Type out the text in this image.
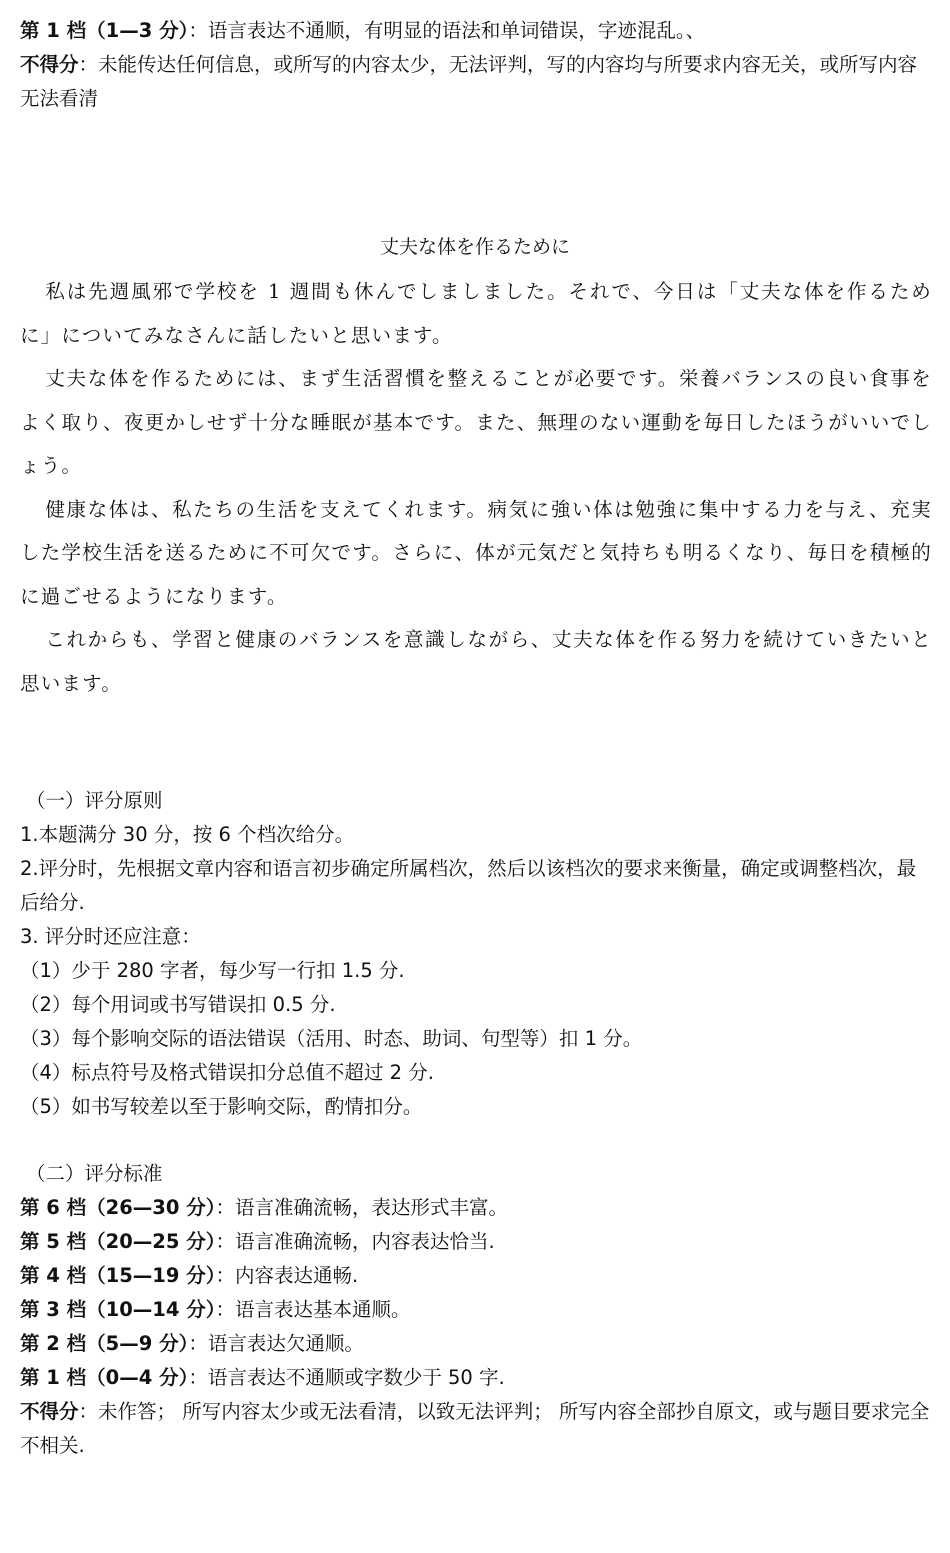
第 1 档（1—3 分）：语言表达不通顺，有明显的语法和单词错误，字迹混乱。、

不得分：未能传达任何信息，或所写的内容太少，无法评判，写的内容均与所要求内容无关，或所写内容无法看清

丈夫な体を作るために

私は先週風邪で学校を 1 週間も休んでしましました。それで、今日は「丈夫な体を作るために」についてみなさんに話したいと思います。

丈夫な体を作るためには、まず生活習慣を整えることが必要です。栄養バランスの良い食事をよく取り、夜更かしせず十分な睡眠が基本です。また、無理のない運動を毎日したほうがいいでしょう。

健康な体は、私たちの生活を支えてくれます。病気に強い体は勉強に集中する力を与え、充実した学校生活を送るために不可欠です。さらに、体が元気だと気持ちも明るくなり、毎日を積極的に過ごせるようになります。

これからも、学習と健康のバランスを意識しながら、丈夫な体を作る努力を続けていきたいと思います。

（一）评分原则

1.本题满分 30 分，按 6 个档次给分。

2.评分时，先根据文章内容和语言初步确定所属档次，然后以该档次的要求来衡量，确定或调整档次，最后给分.

3. 评分时还应注意：

（1）少于 280 字者，每少写一行扣 1.5 分.

（2）每个用词或书写错误扣 0.5 分.

（3）每个影响交际的语法错误（活用、时态、助词、句型等）扣 1 分。

（4）标点符号及格式错误扣分总值不超过 2 分.

（5）如书写较差以至于影响交际，酌情扣分。

（二）评分标准

第 6 档（26—30 分）：语言准确流畅，表达形式丰富。

第 5 档（20—25 分）：语言准确流畅，内容表达恰当.

第 4 档（15—19 分）：内容表达通畅.

第 3 档（10—14 分）：语言表达基本通顺。

第 2 档（5—9 分）：语言表达欠通顺。

第 1 档（0—4 分）：语言表达不通顺或字数少于 50 字.

不得分：未作答； 所写内容太少或无法看清，以致无法评判； 所写内容全部抄自原文，或与题目要求完全不相关.
